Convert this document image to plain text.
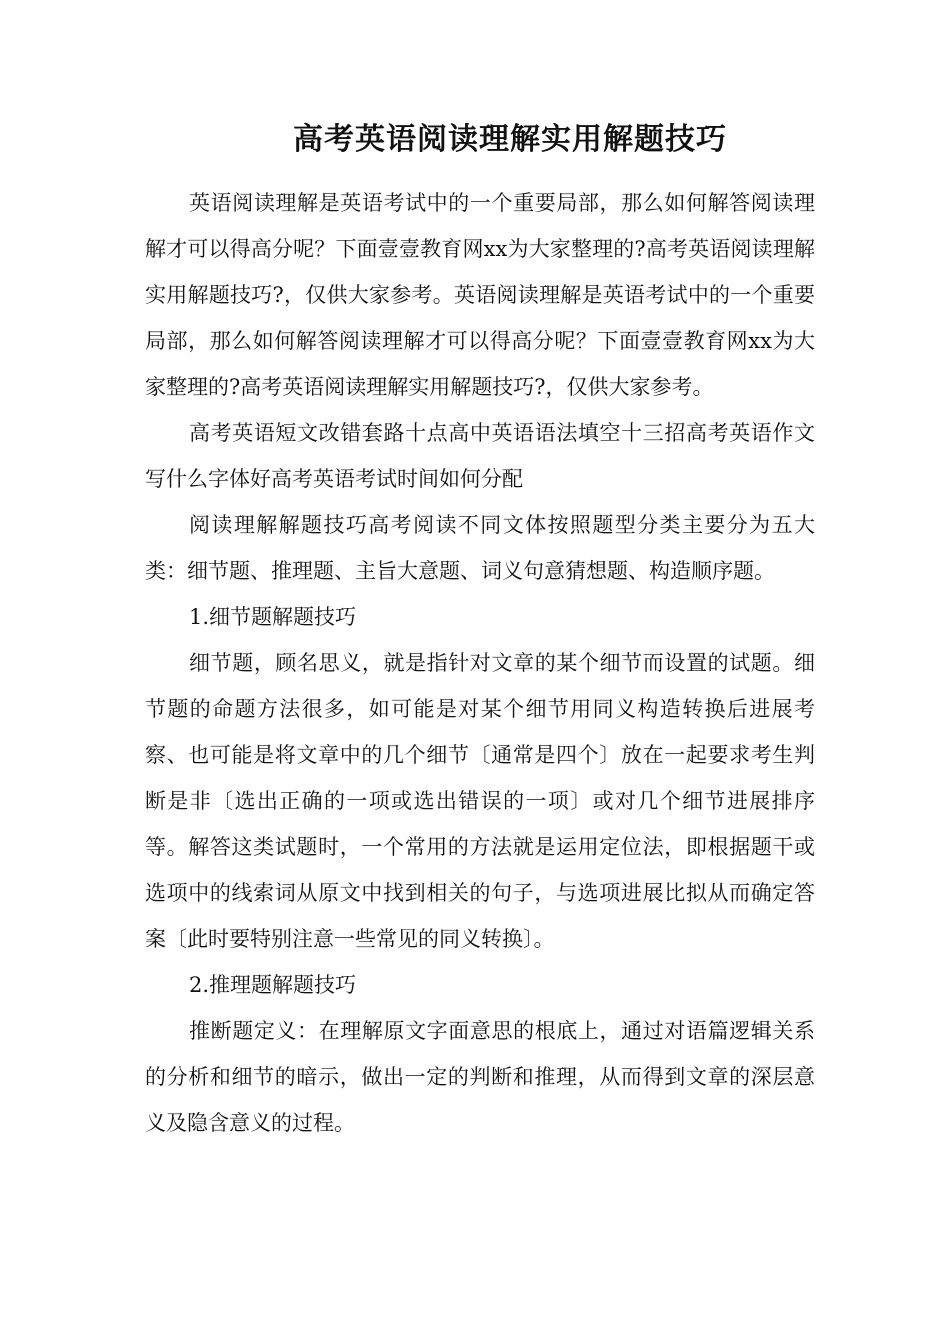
高考英语阅读理解实用解题技巧

英语阅读理解是英语考试中的一个重要局部，那么如何解答阅读理解才可以得高分呢？下面壹壹教育网xx为大家整理的?高考英语阅读理解实用解题技巧?，仅供大家参考。英语阅读理解是英语考试中的一个重要局部，那么如何解答阅读理解才可以得高分呢？下面壹壹教育网xx为大家整理的?高考英语阅读理解实用解题技巧?，仅供大家参考。

高考英语短文改错套路十点高中英语语法填空十三招高考英语作文写什么字体好高考英语考试时间如何分配

阅读理解解题技巧高考阅读不同文体按照题型分类主要分为五大类：细节题、推理题、主旨大意题、词义句意猜想题、构造顺序题。

1.细节题解题技巧

细节题，顾名思义，就是指针对文章的某个细节而设置的试题。细节题的命题方法很多，如可能是对某个细节用同义构造转换后进展考察、也可能是将文章中的几个细节〔通常是四个〕放在一起要求考生判断是非〔选出正确的一项或选出错误的一项〕或对几个细节进展排序等。解答这类试题时，一个常用的方法就是运用定位法，即根据题干或选项中的线索词从原文中找到相关的句子，与选项进展比拟从而确定答案〔此时要特别注意一些常见的同义转换〕。

2.推理题解题技巧

推断题定义：在理解原文字面意思的根底上，通过对语篇逻辑关系的分析和细节的暗示，做出一定的判断和推理，从而得到文章的深层意义及隐含意义的过程。
